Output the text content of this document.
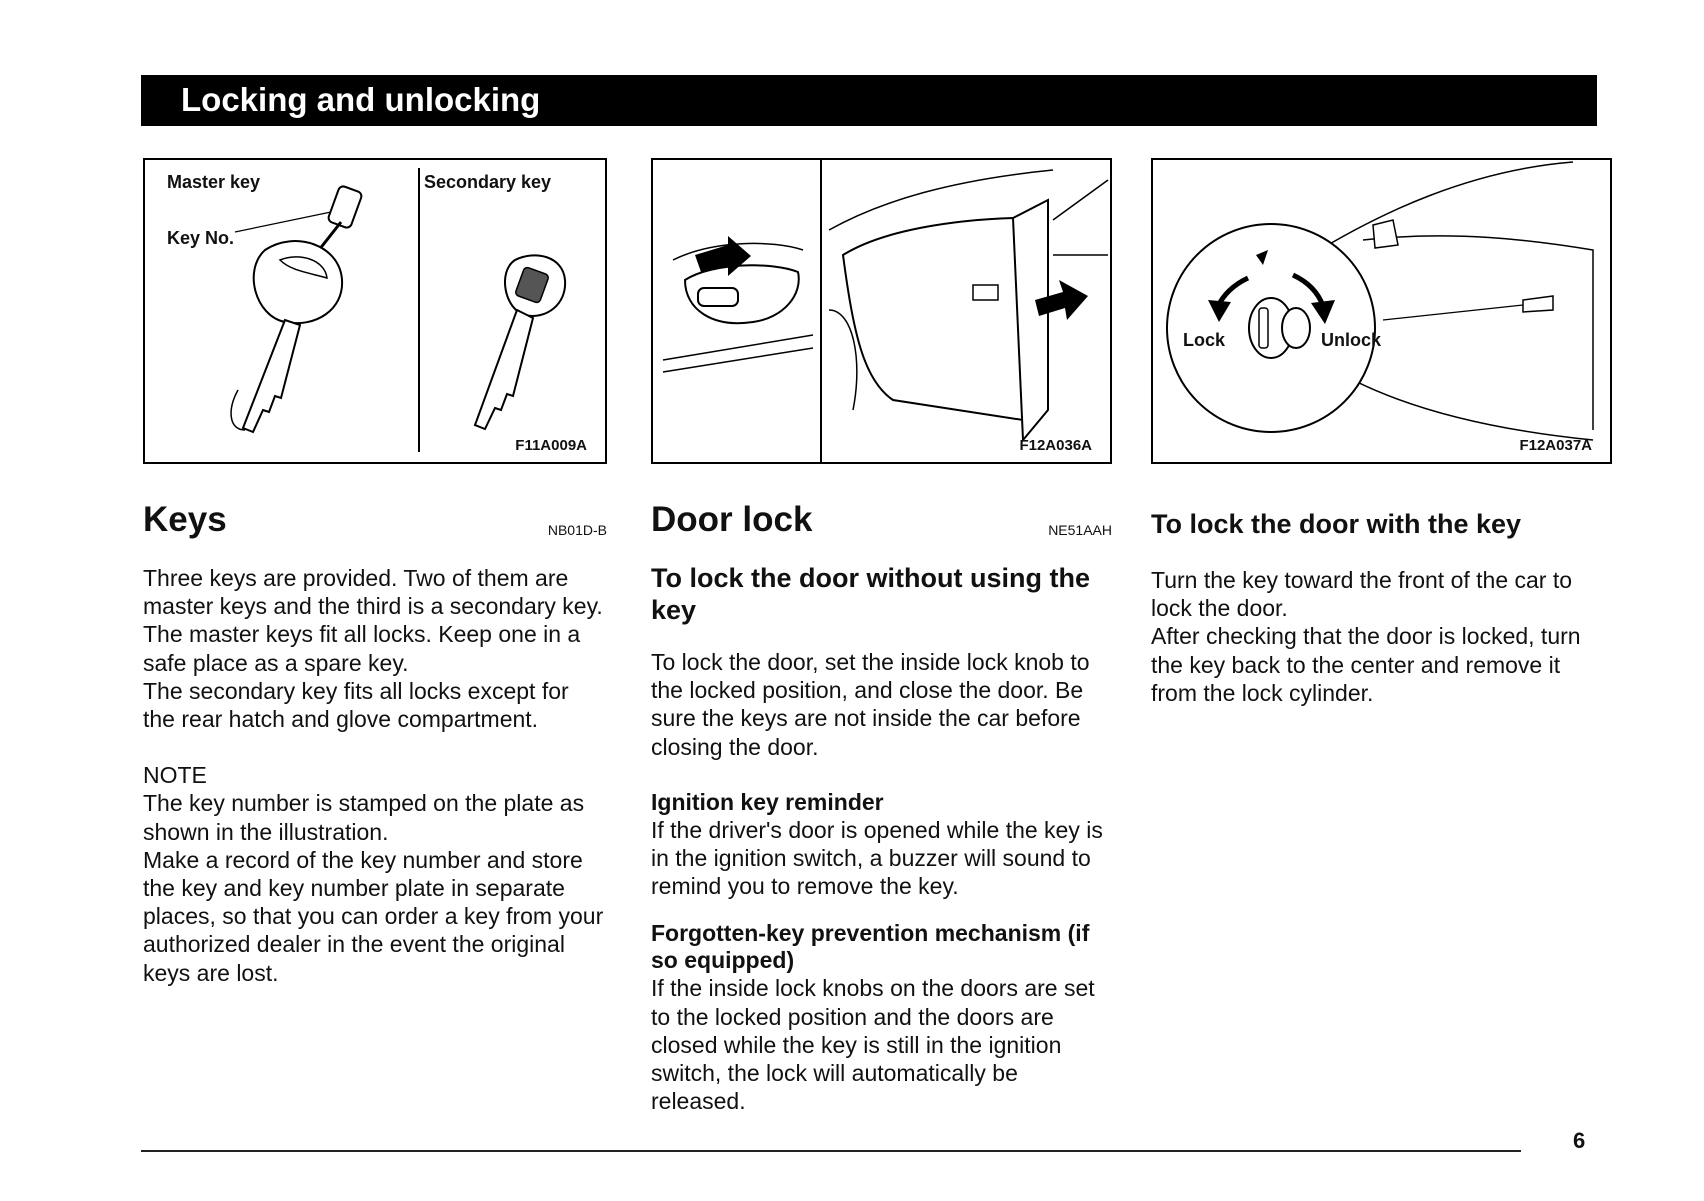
Locking and unlocking
Master key
Key No.
Secondary key
F11A009A	F12A036A
Lock	Unlock
F12A037A
Keys	NB01D-B

Three keys are provided. Two of them are master keys and the third is a secondary key.

The master keys fit all locks. Keep one in a safe place as a spare key.

The secondary key fits all locks except for the rear hatch and glove compartment.

NOTE

The key number is stamped on the plate as shown in the illustration.

Make a record of the key number and store the key and key number plate in separate places, so that you can order a key from your authorized dealer in the event the original keys are lost.

Door lock	NE51AAH

To lock the door without using the key

To lock the door, set the inside lock knob to the locked position, and close the door. Be sure the keys are not inside the car before closing the door.

Ignition key reminder

If the driver's door is opened while the key is in the ignition switch, a buzzer will sound to remind you to remove the key.

Forgotten-key prevention mechanism (if so equipped)

If the inside lock knobs on the doors are set to the locked position and the doors are closed while the key is still in the ignition switch, the lock will automatically be released.

To lock the door with the key

Turn the key toward the front of the car to lock the door.

After checking that the door is locked, turn the key back to the center and remove it from the lock cylinder.

6
